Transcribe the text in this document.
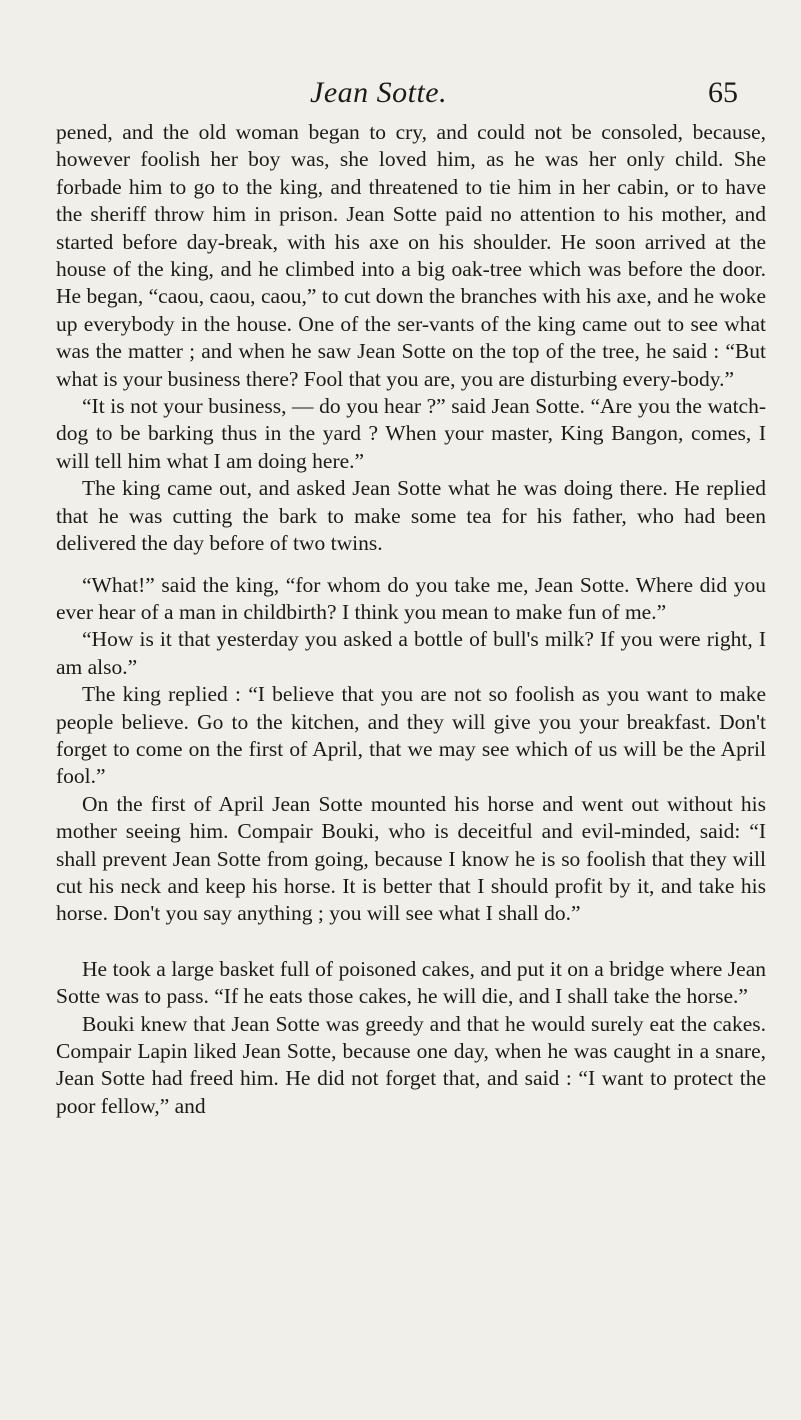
Jean Sotte.	65

pened, and the old woman began to cry, and could not be consoled, because, however foolish her boy was, she loved him, as he was her only child. She forbade him to go to the king, and threatened to tie him in her cabin, or to have the sheriff throw him in prison. Jean Sotte paid no attention to his mother, and started before day-break, with his axe on his shoulder. He soon arrived at the house of the king, and he climbed into a big oak-tree which was before the door. He began, “caou, caou, caou,” to cut down the branches with his axe, and he woke up everybody in the house. One of the ser-vants of the king came out to see what was the matter ; and when he saw Jean Sotte on the top of the tree, he said : “But what is your business there? Fool that you are, you are disturbing every-body.”

“It is not your business, — do you hear ?” said Jean Sotte. “Are you the watch-dog to be barking thus in the yard ? When your master, King Bangon, comes, I will tell him what I am doing here.”

The king came out, and asked Jean Sotte what he was doing there. He replied that he was cutting the bark to make some tea for his father, who had been delivered the day before of two twins.

“What!” said the king, “for whom do you take me, Jean Sotte. Where did you ever hear of a man in childbirth? I think you mean to make fun of me.”

“How is it that yesterday you asked a bottle of bull's milk? If you were right, I am also.”

The king replied : “I believe that you are not so foolish as you want to make people believe. Go to the kitchen, and they will give you your breakfast. Don't forget to come on the first of April, that we may see which of us will be the April fool.”

On the first of April Jean Sotte mounted his horse and went out without his mother seeing him. Compair Bouki, who is deceitful and evil-minded, said: “I shall prevent Jean Sotte from going, because I know he is so foolish that they will cut his neck and keep his horse. It is better that I should profit by it, and take his horse. Don't you say anything ; you will see what I shall do.”

He took a large basket full of poisoned cakes, and put it on a bridge where Jean Sotte was to pass. “If he eats those cakes, he will die, and I shall take the horse.”

Bouki knew that Jean Sotte was greedy and that he would surely eat the cakes. Compair Lapin liked Jean Sotte, because one day, when he was caught in a snare, Jean Sotte had freed him. He did not forget that, and said : “I want to protect the poor fellow,” and
